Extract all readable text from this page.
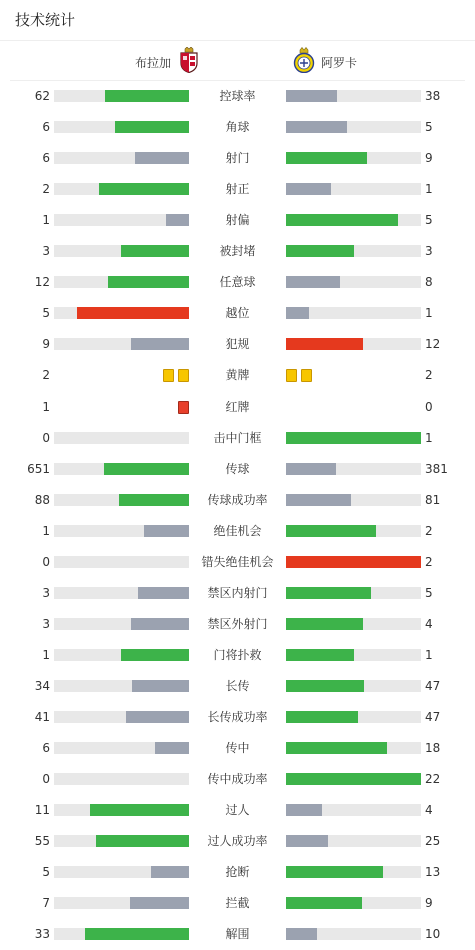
技术统计
布拉加	阿罗卡
62	控球率	38
6	角球	5
6	射门	9
2	射正	1
1	射偏	5
3	被封堵	3
12	任意球	8
5	越位	1
9	犯规	12
2	黄牌	2
1	红牌	0
0	击中门框	1
651	传球	381
88	传球成功率	81
1	绝佳机会	2
0	错失绝佳机会	2
3	禁区内射门	5
3	禁区外射门	4
1	门将扑救	1
34	长传	47
41	长传成功率	47
6	传中	18
0	传中成功率	22
11	过人	4
55	过人成功率	25
5	抢断	13
7	拦截	9
33	解围	10
